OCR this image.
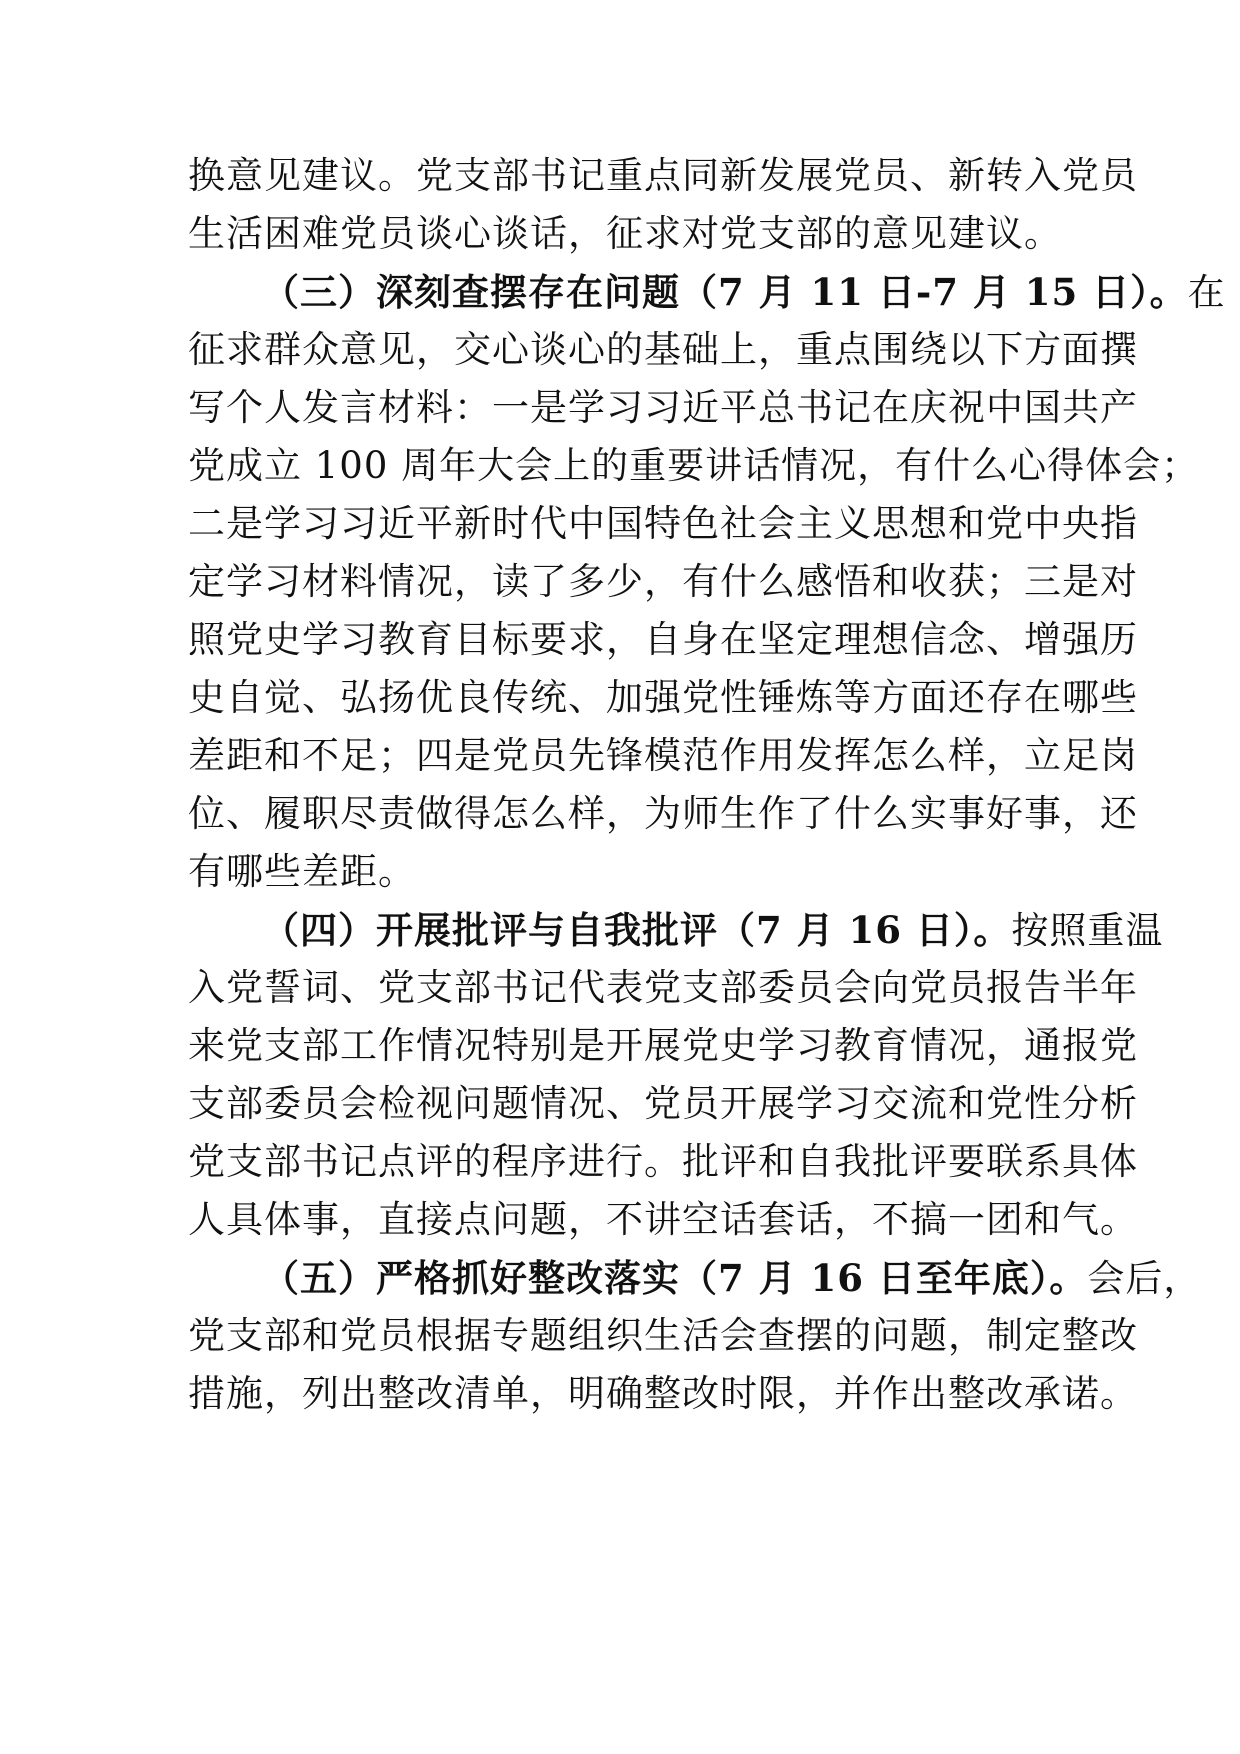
换意见建议。党支部书记重点同新发展党员、新转入党员
生活困难党员谈心谈话，征求对党支部的意见建议。
（三）深刻查摆存在问题（7 月 11 日-7 月 15 日）。在
征求群众意见，交心谈心的基础上，重点围绕以下方面撰
写个人发言材料：一是学习习近平总书记在庆祝中国共产
党成立 100 周年大会上的重要讲话情况，有什么心得体会；
二是学习习近平新时代中国特色社会主义思想和党中央指
定学习材料情况，读了多少，有什么感悟和收获；三是对
照党史学习教育目标要求，自身在坚定理想信念、增强历
史自觉、弘扬优良传统、加强党性锤炼等方面还存在哪些
差距和不足；四是党员先锋模范作用发挥怎么样，立足岗
位、履职尽责做得怎么样，为师生作了什么实事好事，还
有哪些差距。
（四）开展批评与自我批评（7 月 16 日）。按照重温
入党誓词、党支部书记代表党支部委员会向党员报告半年
来党支部工作情况特别是开展党史学习教育情况，通报党
支部委员会检视问题情况、党员开展学习交流和党性分析
党支部书记点评的程序进行。批评和自我批评要联系具体
人具体事，直接点问题，不讲空话套话，不搞一团和气。
（五）严格抓好整改落实（7 月 16 日至年底）。会后，
党支部和党员根据专题组织生活会查摆的问题，制定整改
措施，列出整改清单，明确整改时限，并作出整改承诺。
